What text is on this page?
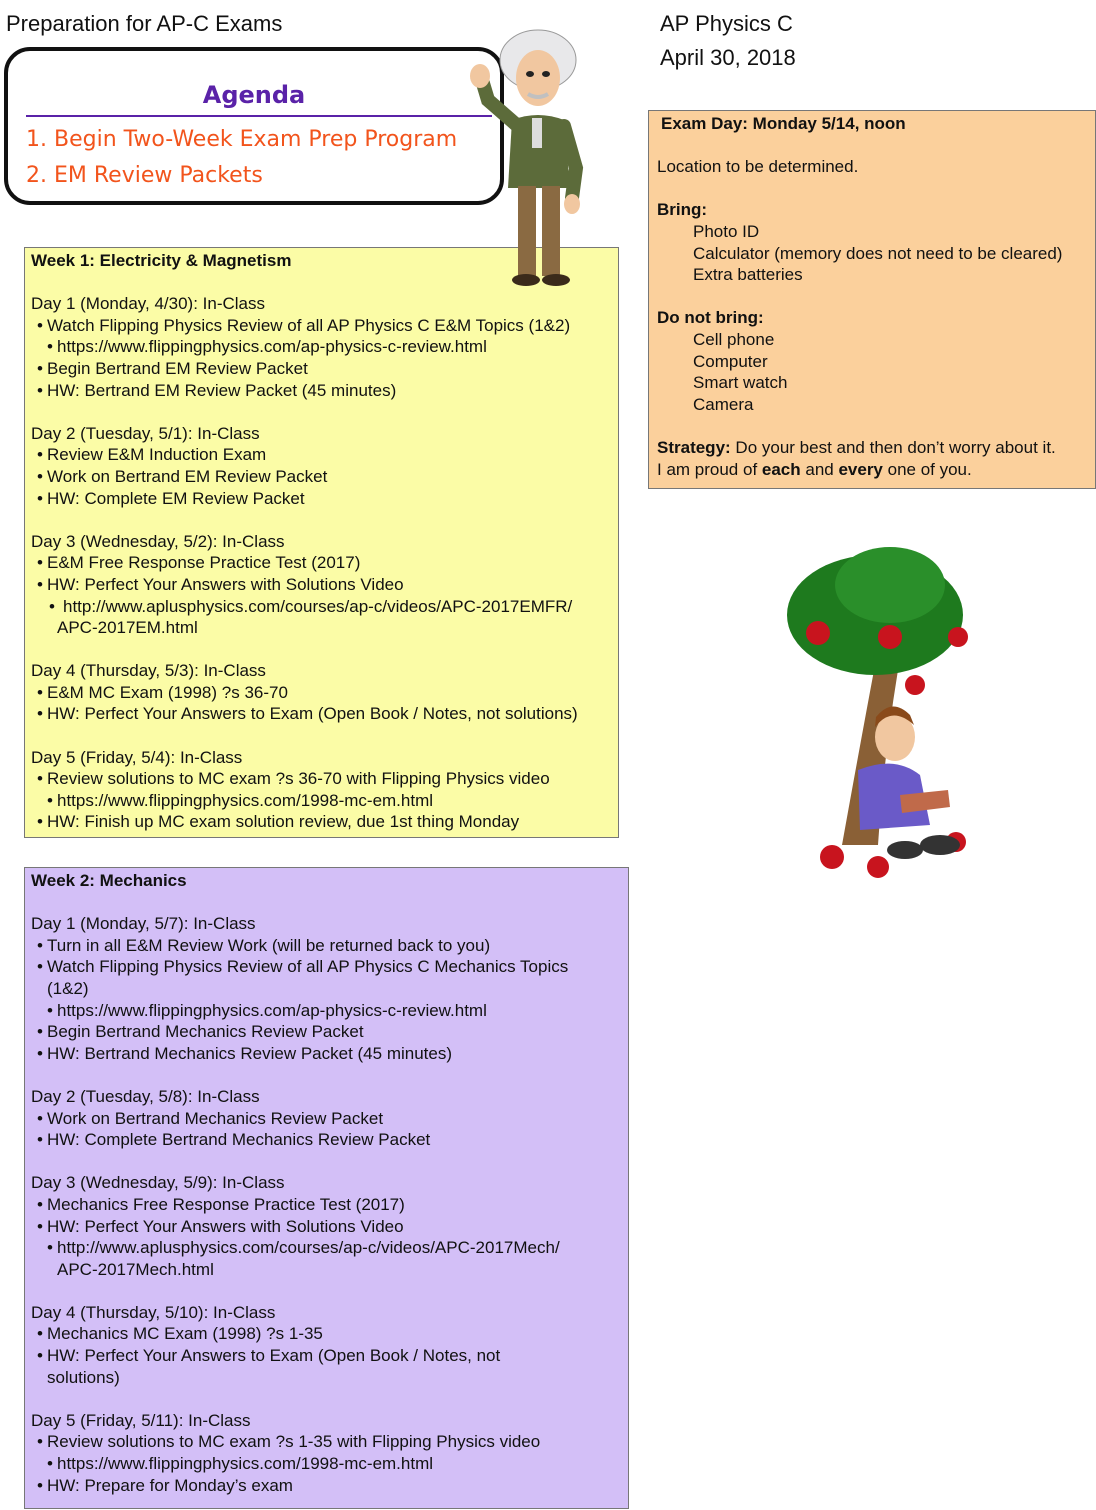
Preparation for AP-C Exams	AP Physics C
April 30, 2018
Agenda
1. Begin Two-Week Exam Prep Program
2. EM Review Packets
Week 1: Electricity & Magnetism
Day 1 (Monday, 4/30): In-Class
• Watch Flipping Physics Review of all AP Physics C E&M Topics (1&2)
• https://www.flippingphysics.com/ap-physics-c-review.html
• Begin Bertrand EM Review Packet
• HW: Bertrand EM Review Packet (45 minutes)
Day 2 (Tuesday, 5/1): In-Class
• Review E&M Induction Exam
• Work on Bertrand EM Review Packet
• HW: Complete EM Review Packet
Day 3 (Wednesday, 5/2): In-Class
• E&M Free Response Practice Test (2017)
• HW: Perfect Your Answers with Solutions Video
• http://www.aplusphysics.com/courses/ap-c/videos/APC-2017EMFR/
APC-2017EM.html
Day 4 (Thursday, 5/3): In-Class
• E&M MC Exam (1998) ?s 36-70
• HW: Perfect Your Answers to Exam (Open Book / Notes, not solutions)
Day 5 (Friday, 5/4): In-Class
• Review solutions to MC exam ?s 36-70 with Flipping Physics video
• https://www.flippingphysics.com/1998-mc-em.html
• HW: Finish up MC exam solution review, due 1st thing Monday
Week 2: Mechanics
Day 1 (Monday, 5/7): In-Class
• Turn in all E&M Review Work (will be returned back to you)
• Watch Flipping Physics Review of all AP Physics C Mechanics Topics
(1&2)
• https://www.flippingphysics.com/ap-physics-c-review.html
• Begin Bertrand Mechanics Review Packet
• HW: Bertrand Mechanics Review Packet (45 minutes)
Day 2 (Tuesday, 5/8): In-Class
• Work on Bertrand Mechanics Review Packet
• HW: Complete Bertrand Mechanics Review Packet
Day 3 (Wednesday, 5/9): In-Class
• Mechanics Free Response Practice Test (2017)
• HW: Perfect Your Answers with Solutions Video
• http://www.aplusphysics.com/courses/ap-c/videos/APC-2017Mech/
APC-2017Mech.html
Day 4 (Thursday, 5/10): In-Class
• Mechanics MC Exam (1998) ?s 1-35
• HW: Perfect Your Answers to Exam (Open Book / Notes, not
solutions)
Day 5 (Friday, 5/11): In-Class
• Review solutions to MC exam ?s 1-35 with Flipping Physics video
• https://www.flippingphysics.com/1998-mc-em.html
• HW: Prepare for Monday’s exam
Exam Day: Monday 5/14, noon
Location to be determined.
Bring:
Photo ID
Calculator (memory does not need to be cleared)
Extra batteries
Do not bring:
Cell phone
Computer
Smart watch
Camera
Strategy: Do your best and then don’t worry about it.
I am proud of each and every one of you.
